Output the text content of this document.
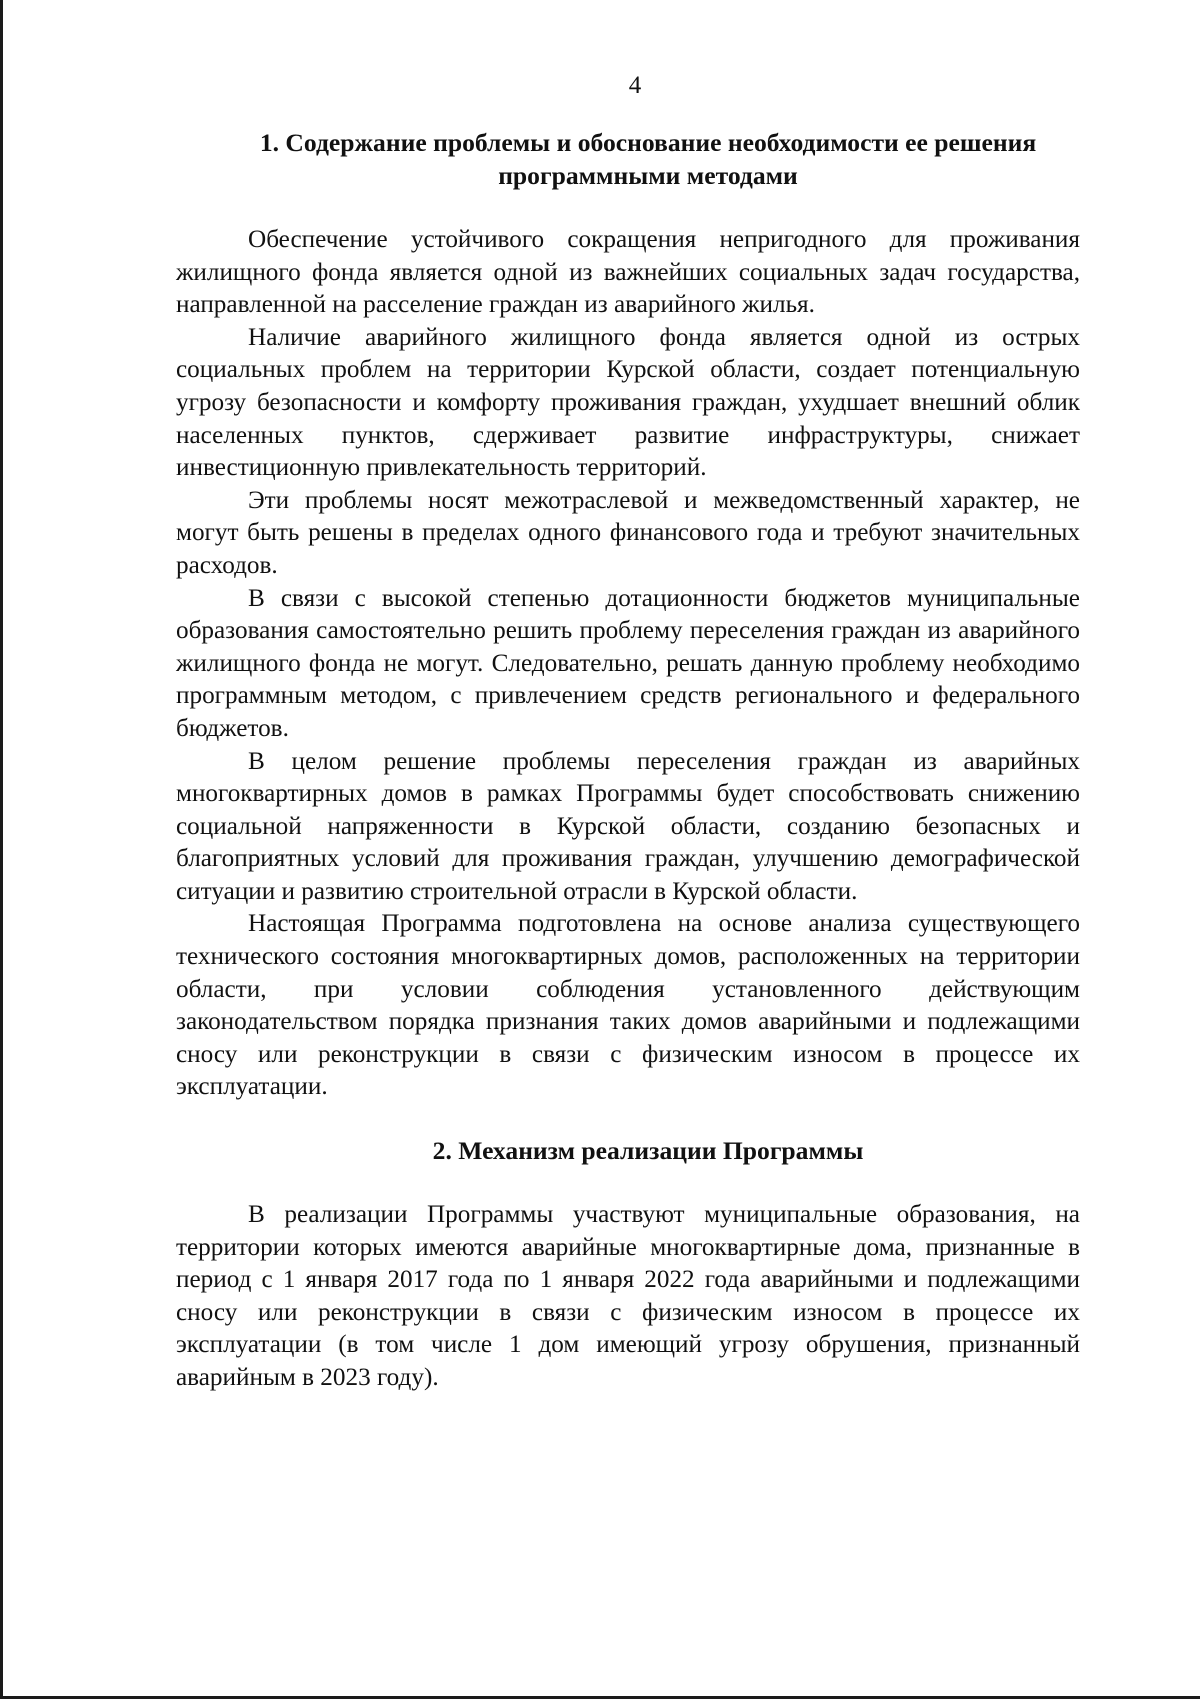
4
1. Содержание проблемы и обоснование необходимости ее решения программными методами

Обеспечение устойчивого сокращения непригодного для проживания жилищного фонда является одной из важнейших социальных задач государства, направленной на расселение граждан из аварийного жилья.

Наличие аварийного жилищного фонда является одной из острых социальных проблем на территории Курской области, создает потенциальную угрозу безопасности и комфорту проживания граждан, ухудшает внешний облик населенных пунктов, сдерживает развитие инфраструктуры, снижает инвестиционную привлекательность территорий.

Эти проблемы носят межотраслевой и межведомственный характер, не могут быть решены в пределах одного финансового года и требуют значительных расходов.

В связи с высокой степенью дотационности бюджетов муниципальные образования самостоятельно решить проблему переселения граждан из аварийного жилищного фонда не могут. Следовательно, решать данную проблему необходимо программным методом, с привлечением средств регионального и федерального бюджетов.

В целом решение проблемы переселения граждан из аварийных многоквартирных домов в рамках Программы будет способствовать снижению социальной напряженности в Курской области, созданию безопасных и благоприятных условий для проживания граждан, улучшению демографической ситуации и развитию строительной отрасли в Курской области.

Настоящая Программа подготовлена на основе анализа существующего технического состояния многоквартирных домов, расположенных на территории области, при условии соблюдения установленного действующим законодательством порядка признания таких домов аварийными и подлежащими сносу или реконструкции в связи с физическим износом в процессе их эксплуатации.

2. Механизм реализации Программы

В реализации Программы участвуют муниципальные образования, на территории которых имеются аварийные многоквартирные дома, признанные в период с 1 января 2017 года по 1 января 2022 года аварийными и подлежащими сносу или реконструкции в связи с физическим износом в процессе их эксплуатации (в том числе 1 дом имеющий угрозу обрушения, признанный аварийным в 2023 году).
